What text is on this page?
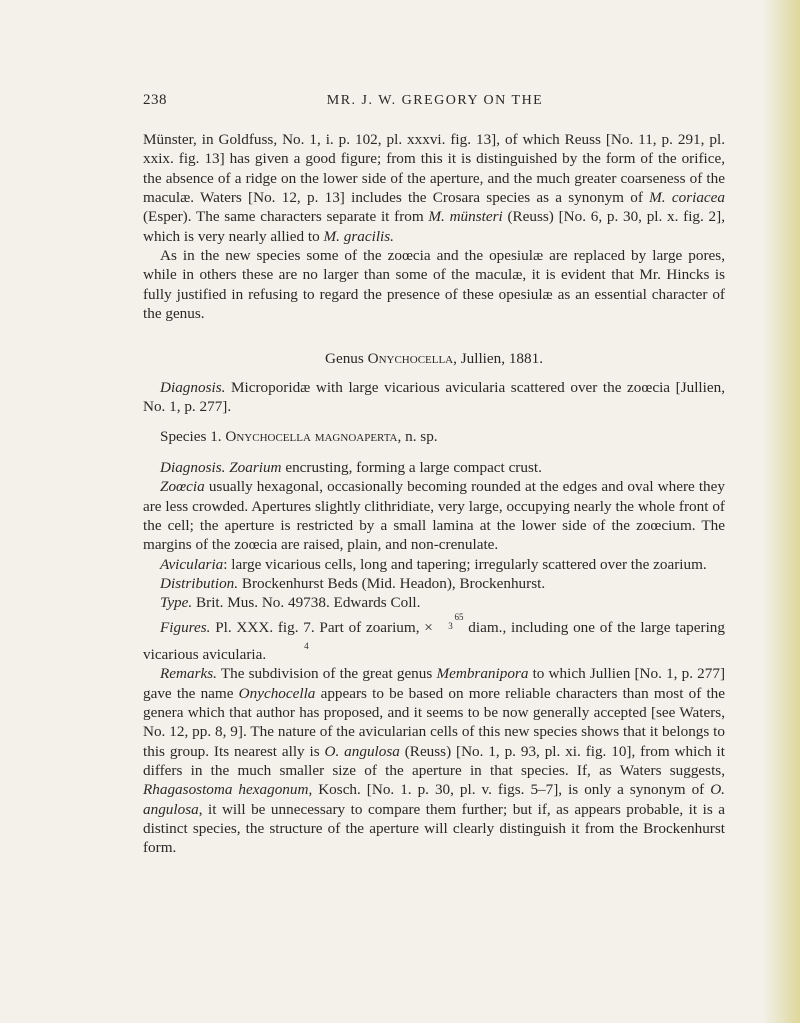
238	MR. J. W. GREGORY ON THE

Münster, in Goldfuss, No. 1, i. p. 102, pl. xxxvi. fig. 13], of which Reuss [No. 11, p. 291, pl. xxix. fig. 13] has given a good figure; from this it is distinguished by the form of the orifice, the absence of a ridge on the lower side of the aperture, and the much greater coarseness of the maculæ. Waters [No. 12, p. 13] includes the Crosara species as a synonym of M. coriacea (Esper). The same characters separate it from M. münsteri (Reuss) [No. 6, p. 30, pl. x. fig. 2], which is very nearly allied to M. gracilis.

As in the new species some of the zoœcia and the opesiulæ are replaced by large pores, while in others these are no larger than some of the maculæ, it is evident that Mr. Hincks is fully justified in refusing to regard the presence of these opesiulæ as an essential character of the genus.

Genus Onychocella, Jullien, 1881.

Diagnosis. Microporidæ with large vicarious avicularia scattered over the zoœcia [Jullien, No. 1, p. 277].

Species 1. Onychocella magnoaperta, n. sp.

Diagnosis. Zoarium encrusting, forming a large compact crust.

Zoœcia usually hexagonal, occasionally becoming rounded at the edges and oval where they are less crowded. Apertures slightly clithridiate, very large, occupying nearly the whole front of the cell; the aperture is restricted by a small lamina at the lower side of the zoœcium. The margins of the zoœcia are raised, plain, and non-crenulate.

Avicularia: large vicarious cells, long and tapering; irregularly scattered over the zoarium.

Distribution. Brockenhurst Beds (Mid. Headon), Brockenhurst.

Type. Brit. Mus. No. 49738. Edwards Coll.

Figures. Pl. XXX. fig. 7. Part of zoarium, × 65
3 diam., including one of the large tapering vicarious avicularia.	$^4$

Remarks. The subdivision of the great genus Membranipora to which Jullien [No. 1, p. 277] gave the name Onychocella appears to be based on more reliable characters than most of the genera which that author has proposed, and it seems to be now generally accepted [see Waters, No. 12, pp. 8, 9]. The nature of the avicularian cells of this new species shows that it belongs to this group. Its nearest ally is O. angulosa (Reuss) [No. 1, p. 93, pl. xi. fig. 10], from which it differs in the much smaller size of the aperture in that species. If, as Waters suggests, Rhagasostoma hexagonum, Kosch. [No. 1. p. 30, pl. v. figs. 5–7], is only a synonym of O. angulosa, it will be unnecessary to compare them further; but if, as appears probable, it is a distinct species, the structure of the aperture will clearly distinguish it from the Brockenhurst form.
